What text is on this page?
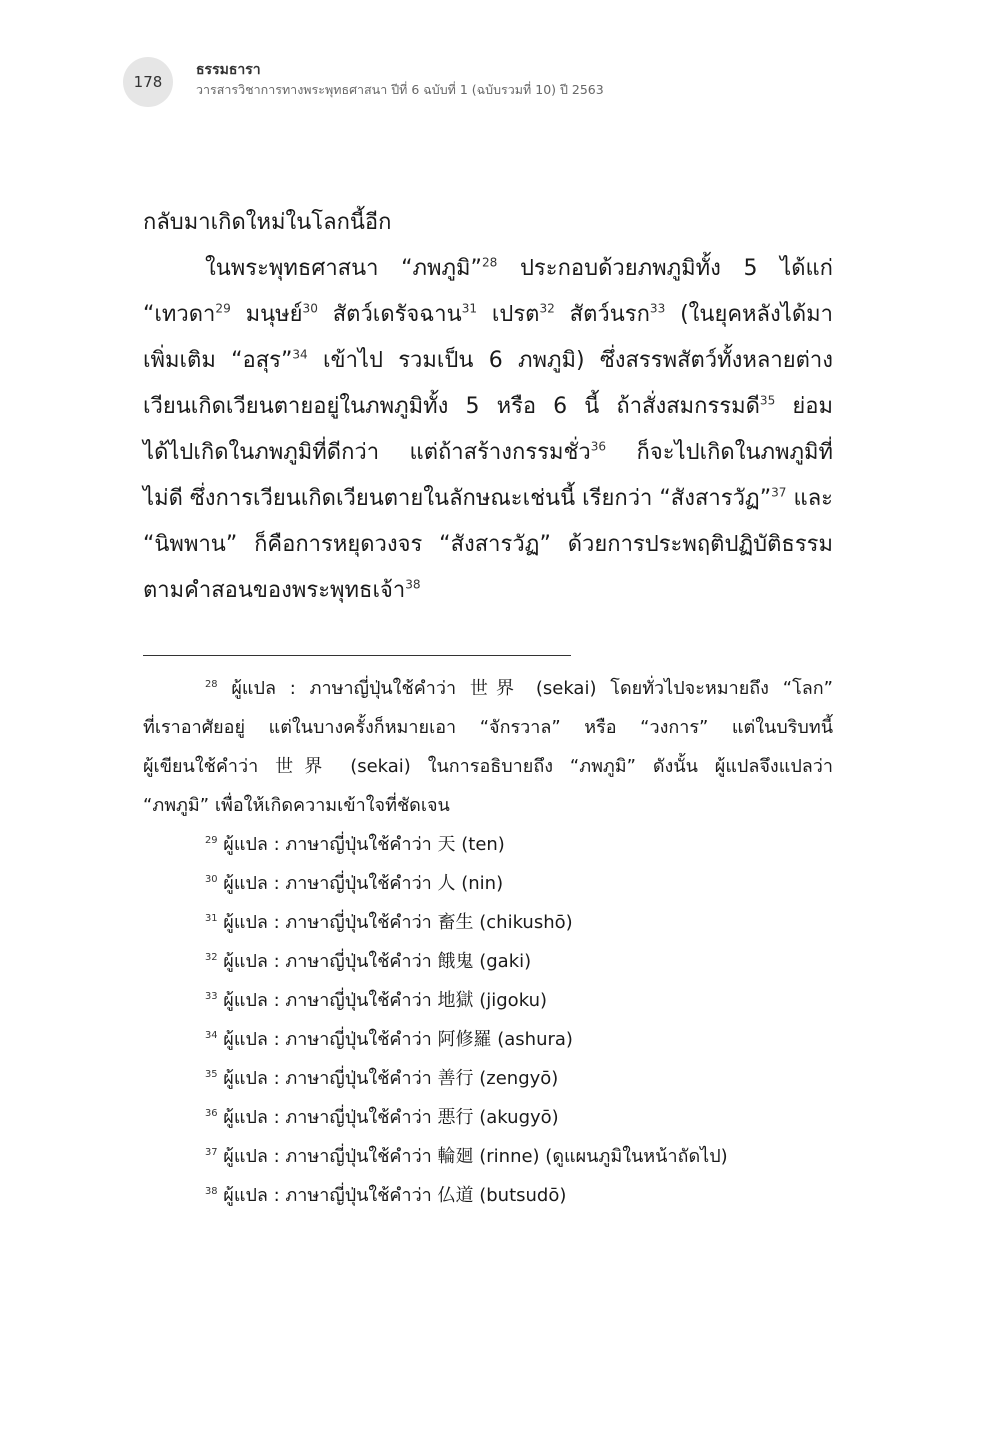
178
ธรรมธารา
วารสารวิชาการทางพระพุทธศาสนา ปีที่ 6 ฉบับที่ 1 (ฉบับรวมที่ 10) ปี 2563
กลับมาเกิดใหม่ในโลกนี้อีก
ในพระพุทธศาสนา “ภพภูมิ”$^{28}$ ประกอบด้วยภพภูมิทั้ง 5 ได้แก่
“เทวดา$^{29}$ มนุษย์$^{30}$ สัตว์เดรัจฉาน$^{31}$ เปรต$^{32}$ สัตว์นรก$^{33}$ (ในยุคหลังได้มา
เพิ่มเติม “อสุร”$^{34}$ เข้าไป รวมเป็น 6 ภพภูมิ) ซึ่งสรรพสัตว์ทั้งหลายต่าง
เวียนเกิดเวียนตายอยู่ในภพภูมิทั้ง 5 หรือ 6 นี้ ถ้าสั่งสมกรรมดี$^{35}$ ย่อม
ได้ไปเกิดในภพภูมิที่ดีกว่า แต่ถ้าสร้างกรรมชั่ว$^{36}$ ก็จะไปเกิดในภพภูมิที่
ไม่ดี ซึ่งการเวียนเกิดเวียนตายในลักษณะเช่นนี้ เรียกว่า “สังสารวัฏ”$^{37}$ และ
“นิพพาน” ก็คือการหยุดวงจร “สังสารวัฏ” ด้วยการประพฤติปฏิบัติธรรม
ตามคำสอนของพระพุทธเจ้า$^{38}$
$^{28}$ ผู้แปล : ภาษาญี่ปุ่นใช้คำว่า 世界 (sekai) โดยทั่วไปจะหมายถึง “โลก”
ที่เราอาศัยอยู่ แต่ในบางครั้งก็หมายเอา “จักรวาล” หรือ “วงการ” แต่ในบริบทนี้
ผู้เขียนใช้คำว่า 世界 (sekai) ในการอธิบายถึง “ภพภูมิ” ดังนั้น ผู้แปลจึงแปลว่า
“ภพภูมิ” เพื่อให้เกิดความเข้าใจที่ชัดเจน
$^{29}$ ผู้แปล : ภาษาญี่ปุ่นใช้คำว่า 天 (ten)
$^{30}$ ผู้แปล : ภาษาญี่ปุ่นใช้คำว่า 人 (nin)
$^{31}$ ผู้แปล : ภาษาญี่ปุ่นใช้คำว่า 畜生 (chikushō)
$^{32}$ ผู้แปล : ภาษาญี่ปุ่นใช้คำว่า 餓鬼 (gaki)
$^{33}$ ผู้แปล : ภาษาญี่ปุ่นใช้คำว่า 地獄 (jigoku)
$^{34}$ ผู้แปล : ภาษาญี่ปุ่นใช้คำว่า 阿修羅 (ashura)
$^{35}$ ผู้แปล : ภาษาญี่ปุ่นใช้คำว่า 善行 (zengyō)
$^{36}$ ผู้แปล : ภาษาญี่ปุ่นใช้คำว่า 悪行 (akugyō)
$^{37}$ ผู้แปล : ภาษาญี่ปุ่นใช้คำว่า 輪廻 (rinne) (ดูแผนภูมิในหน้าถัดไป)
$^{38}$ ผู้แปล : ภาษาญี่ปุ่นใช้คำว่า 仏道 (butsudō)
